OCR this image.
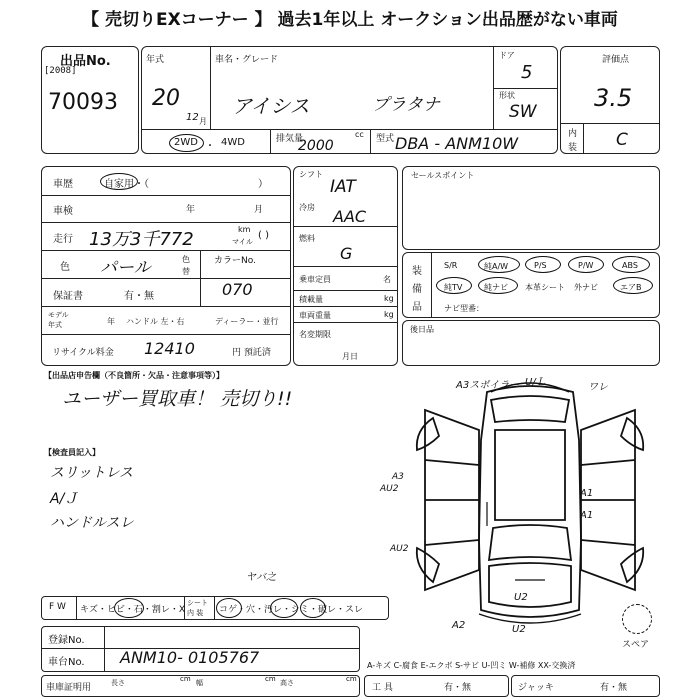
【 売切りEXコーナー 】 過去1年以上 オークション出品歴がない車両
出品No.
[2008]
70093
年式
20
12 月
車名・グレード
アイシス	プラタナ
ドア
5
形状
SW
評価点
3.5
内
装 C
2WD ・ 4WD	排気量	cc
2000	型式 DBA - ANM10W
車歴	自家用・（	）
車検	年	月
走行 13万3千772	km
マイル
( )
色 パール	色
替
カラーNo.
070
保証書	有・無
モデル
年式	年 ハンドル 左・右	ディーラー・並行
リサイクル料金 12410	円 預託済
シフト
IAT
冷房 AAC
燃料
G
乗車定員	名
積載量	kg
車両重量	kg
名変期限
月日
セールスポイント
装
備
品
S/R	純A/W	P/S	P/W	ABS
純TV	純ナビ 本革シート 外ナビ	エアB
ナビ型番：
後日品
【出品店申告欄（不良箇所・欠品・注意事項等）】
ユーザー買取車！ 売切り!!
【検査員記入】
スリットレス
A/Ｊ
ハンドルスレ
A3スポイラー U/Ｌ	ワレ
A3
AU2	A1
A1
AU2
U2
U2
A2
スペア
F W キズ・ヒビ・石・割レ・X
シート
内 装 コゲ・穴・汚レ・シミ・破レ・スレ
ヤバ之
登録No.
車台No. ANM10- 0105767
車庫証明用	長さ	cm 幅	cm 高さ	cm
A-キズ C-腐食 E-エクボ S-サビ U-凹ミ W-補修 XX-交換済
工 具	有・無	ジャッキ	有・無
